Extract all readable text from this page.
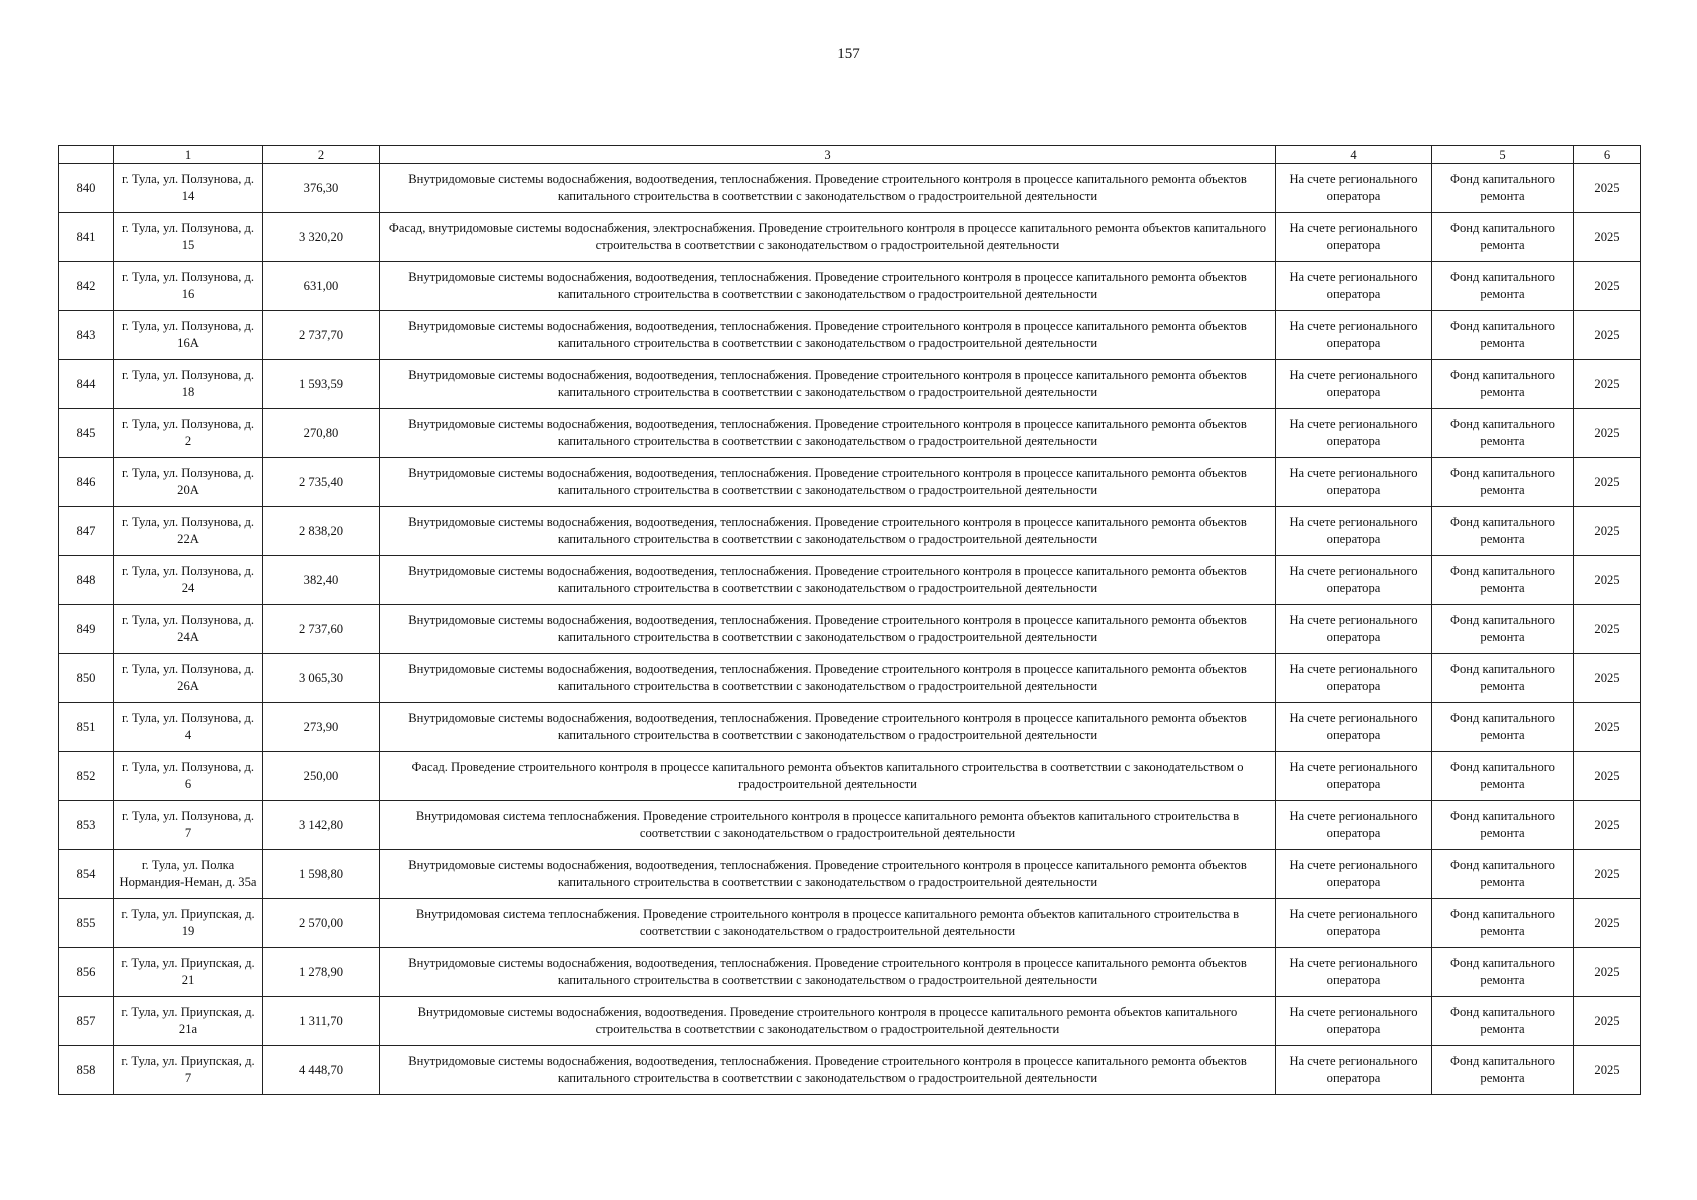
157
	1	2	3	4	5	6
840	г. Тула, ул. Ползунова, д. 14	376,30	Внутридомовые системы водоснабжения, водоотведения, теплоснабжения. Проведение строительного контроля в процессе капитального ремонта объектов капитального строительства в соответствии с законодательством о градостроительной деятельности	На счете регионального оператора	Фонд капитального ремонта	2025
841	г. Тула, ул. Ползунова, д. 15	3 320,20	Фасад, внутридомовые системы водоснабжения, электроснабжения. Проведение строительного контроля в процессе капитального ремонта объектов капитального строительства в соответствии с законодательством о градостроительной деятельности	На счете регионального оператора	Фонд капитального ремонта	2025
842	г. Тула, ул. Ползунова, д. 16	631,00	Внутридомовые системы водоснабжения, водоотведения, теплоснабжения. Проведение строительного контроля в процессе капитального ремонта объектов капитального строительства в соответствии с законодательством о градостроительной деятельности	На счете регионального оператора	Фонд капитального ремонта	2025
843	г. Тула, ул. Ползунова, д. 16А	2 737,70	Внутридомовые системы водоснабжения, водоотведения, теплоснабжения. Проведение строительного контроля в процессе капитального ремонта объектов капитального строительства в соответствии с законодательством о градостроительной деятельности	На счете регионального оператора	Фонд капитального ремонта	2025
844	г. Тула, ул. Ползунова, д. 18	1 593,59	Внутридомовые системы водоснабжения, водоотведения, теплоснабжения. Проведение строительного контроля в процессе капитального ремонта объектов капитального строительства в соответствии с законодательством о градостроительной деятельности	На счете регионального оператора	Фонд капитального ремонта	2025
845	г. Тула, ул. Ползунова, д. 2	270,80	Внутридомовые системы водоснабжения, водоотведения, теплоснабжения. Проведение строительного контроля в процессе капитального ремонта объектов капитального строительства в соответствии с законодательством о градостроительной деятельности	На счете регионального оператора	Фонд капитального ремонта	2025
846	г. Тула, ул. Ползунова, д. 20А	2 735,40	Внутридомовые системы водоснабжения, водоотведения, теплоснабжения. Проведение строительного контроля в процессе капитального ремонта объектов капитального строительства в соответствии с законодательством о градостроительной деятельности	На счете регионального оператора	Фонд капитального ремонта	2025
847	г. Тула, ул. Ползунова, д. 22А	2 838,20	Внутридомовые системы водоснабжения, водоотведения, теплоснабжения. Проведение строительного контроля в процессе капитального ремонта объектов капитального строительства в соответствии с законодательством о градостроительной деятельности	На счете регионального оператора	Фонд капитального ремонта	2025
848	г. Тула, ул. Ползунова, д. 24	382,40	Внутридомовые системы водоснабжения, водоотведения, теплоснабжения. Проведение строительного контроля в процессе капитального ремонта объектов капитального строительства в соответствии с законодательством о градостроительной деятельности	На счете регионального оператора	Фонд капитального ремонта	2025
849	г. Тула, ул. Ползунова, д. 24А	2 737,60	Внутридомовые системы водоснабжения, водоотведения, теплоснабжения. Проведение строительного контроля в процессе капитального ремонта объектов капитального строительства в соответствии с законодательством о градостроительной деятельности	На счете регионального оператора	Фонд капитального ремонта	2025
850	г. Тула, ул. Ползунова, д. 26А	3 065,30	Внутридомовые системы водоснабжения, водоотведения, теплоснабжения. Проведение строительного контроля в процессе капитального ремонта объектов капитального строительства в соответствии с законодательством о градостроительной деятельности	На счете регионального оператора	Фонд капитального ремонта	2025
851	г. Тула, ул. Ползунова, д. 4	273,90	Внутридомовые системы водоснабжения, водоотведения, теплоснабжения. Проведение строительного контроля в процессе капитального ремонта объектов капитального строительства в соответствии с законодательством о градостроительной деятельности	На счете регионального оператора	Фонд капитального ремонта	2025
852	г. Тула, ул. Ползунова, д. 6	250,00	Фасад. Проведение строительного контроля в процессе капитального ремонта объектов капитального строительства в соответствии с законодательством о градостроительной деятельности	На счете регионального оператора	Фонд капитального ремонта	2025
853	г. Тула, ул. Ползунова, д. 7	3 142,80	Внутридомовая система теплоснабжения. Проведение строительного контроля в процессе капитального ремонта объектов капитального строительства в соответствии с законодательством о градостроительной деятельности	На счете регионального оператора	Фонд капитального ремонта	2025
854	г. Тула, ул. Полка Нормандия-Неман, д. 35а	1 598,80	Внутридомовые системы водоснабжения, водоотведения, теплоснабжения. Проведение строительного контроля в процессе капитального ремонта объектов капитального строительства в соответствии с законодательством о градостроительной деятельности	На счете регионального оператора	Фонд капитального ремонта	2025
855	г. Тула, ул. Приупская, д. 19	2 570,00	Внутридомовая система теплоснабжения. Проведение строительного контроля в процессе капитального ремонта объектов капитального строительства в соответствии с законодательством о градостроительной деятельности	На счете регионального оператора	Фонд капитального ремонта	2025
856	г. Тула, ул. Приупская, д. 21	1 278,90	Внутридомовые системы водоснабжения, водоотведения, теплоснабжения. Проведение строительного контроля в процессе капитального ремонта объектов капитального строительства в соответствии с законодательством о градостроительной деятельности	На счете регионального оператора	Фонд капитального ремонта	2025
857	г. Тула, ул. Приупская, д. 21а	1 311,70	Внутридомовые системы водоснабжения, водоотведения. Проведение строительного контроля в процессе капитального ремонта объектов капитального строительства в соответствии с законодательством о градостроительной деятельности	На счете регионального оператора	Фонд капитального ремонта	2025
858	г. Тула, ул. Приупская, д. 7	4 448,70	Внутридомовые системы водоснабжения, водоотведения, теплоснабжения. Проведение строительного контроля в процессе капитального ремонта объектов капитального строительства в соответствии с законодательством о градостроительной деятельности	На счете регионального оператора	Фонд капитального ремонта	2025
